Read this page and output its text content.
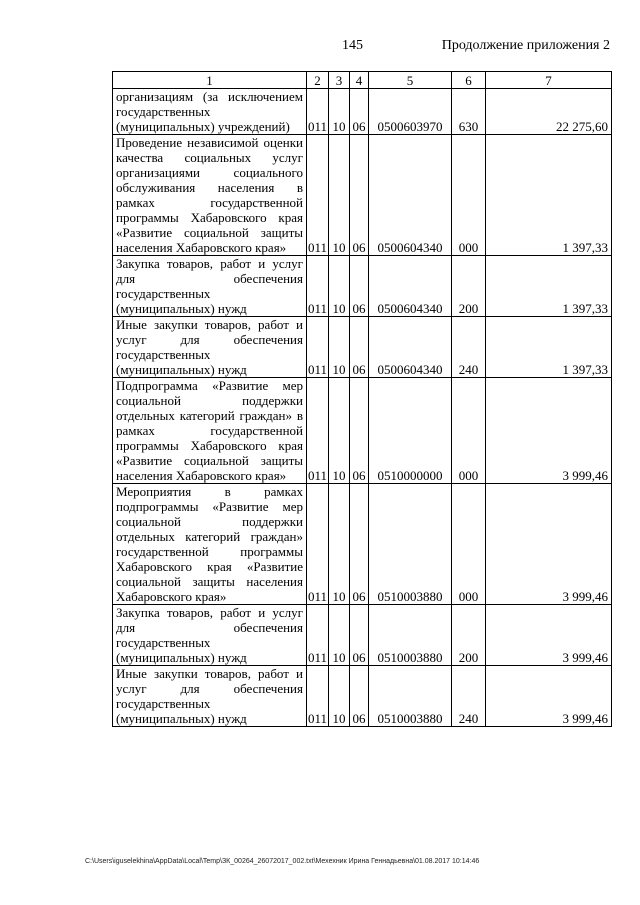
145	Продолжение приложения 2
1	2	3	4	5	6	7
организациям (за исключением государственных (муниципальных) учреждений)	011	10	06	0500603970	630	22 275,60
Проведение независимой оценки качества социальных услуг организациями социального обслуживания населения в рамках государственной программы Хабаровского края «Развитие социальной защиты населения Хабаровского края»	011	10	06	0500604340	000	1 397,33
Закупка товаров, работ и услуг для обеспечения государственных (муниципальных) нужд	011	10	06	0500604340	200	1 397,33
Иные закупки товаров, работ и услуг для обеспечения государственных (муниципальных) нужд	011	10	06	0500604340	240	1 397,33
Подпрограмма «Развитие мер социальной поддержки отдельных категорий граждан» в рамках государственной программы Хабаровского края «Развитие социальной защиты населения Хабаровского края»	011	10	06	0510000000	000	3 999,46
Мероприятия в рамках подпрограммы «Развитие мер социальной поддержки отдельных категорий граждан» государственной программы Хабаровского края «Развитие социальной защиты населения Хабаровского края»	011	10	06	0510003880	000	3 999,46
Закупка товаров, работ и услуг для обеспечения государственных (муниципальных) нужд	011	10	06	0510003880	200	3 999,46
Иные закупки товаров, работ и услуг для обеспечения государственных (муниципальных) нужд	011	10	06	0510003880	240	3 999,46
C:\Users\iguselekhina\AppData\Local\Temp\ЗК_00264_26072017_002.txt\Мехехник Ирина Геннадьевна\01.08.2017 10:14:46
